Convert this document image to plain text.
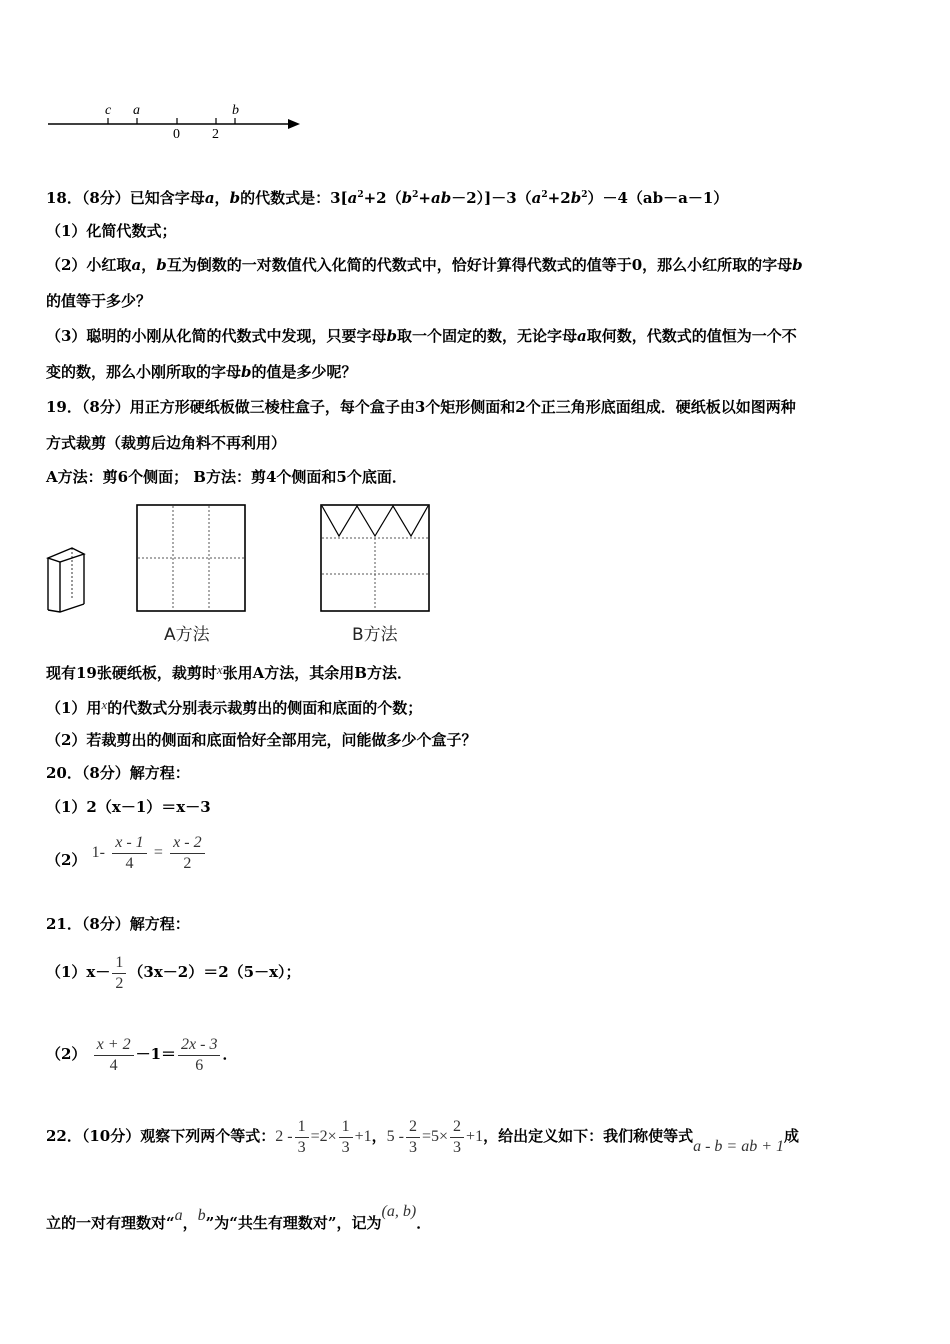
c a	b
0 2
18．（8分）已知含字母a，b的代数式是：$3[a^2+2(b^2+ab-2)]-3(a^2+2b^2)-4(ab-a-1)$
（1）化简代数式；
（2）小红取a，b互为倒数的一对数值代入化简的代数式中，恰好计算得代数式的值等于0，那么小红所取的字母b
的值等于多少？
（3）聪明的小刚从化简的代数式中发现，只要字母b取一个固定的数，无论字母a取何数，代数式的值恒为一个不
变的数，那么小刚所取的字母b的值是多少呢？
19．（8分）用正方形硬纸板做三棱柱盒子，每个盒子由3个矩形侧面和2个正三角形底面组成．硬纸板以如图两种
方式裁剪（裁剪后边角料不再利用）
A方法：剪6个侧面； B方法：剪4个侧面和5个底面．
A方法	B方法
现有19张硬纸板，裁剪时x张用A方法，其余用B方法．
（1）用x的代数式分别表示裁剪出的侧面和底面的个数；
（2）若裁剪出的侧面和底面恰好全部用完，问能做多少个盒子？
20．（8分）解方程：
（1）2（x－1）＝x－3
（2） $1- \frac{x - 1}{4} = \frac{x - 2}{2}$
21．（8分）解方程：
$(1)x- \frac{1}{2} (3x-2)=2(5-x)$；
$(2) \frac{x + 2}{4} -1= \frac{2x - 3}{6}$ ．
22．（10分）观察下列两个等式：$2 - \frac{1}{3} =2\times \frac{1}{3} +1$，$5 - \frac{2}{3} =5\times \frac{2}{3} +1$，给出定义如下：我们称使等式a - b = ab + 1成
立的一对有理数对“a，b”为“共生有理数对”，记为(a, b)．
